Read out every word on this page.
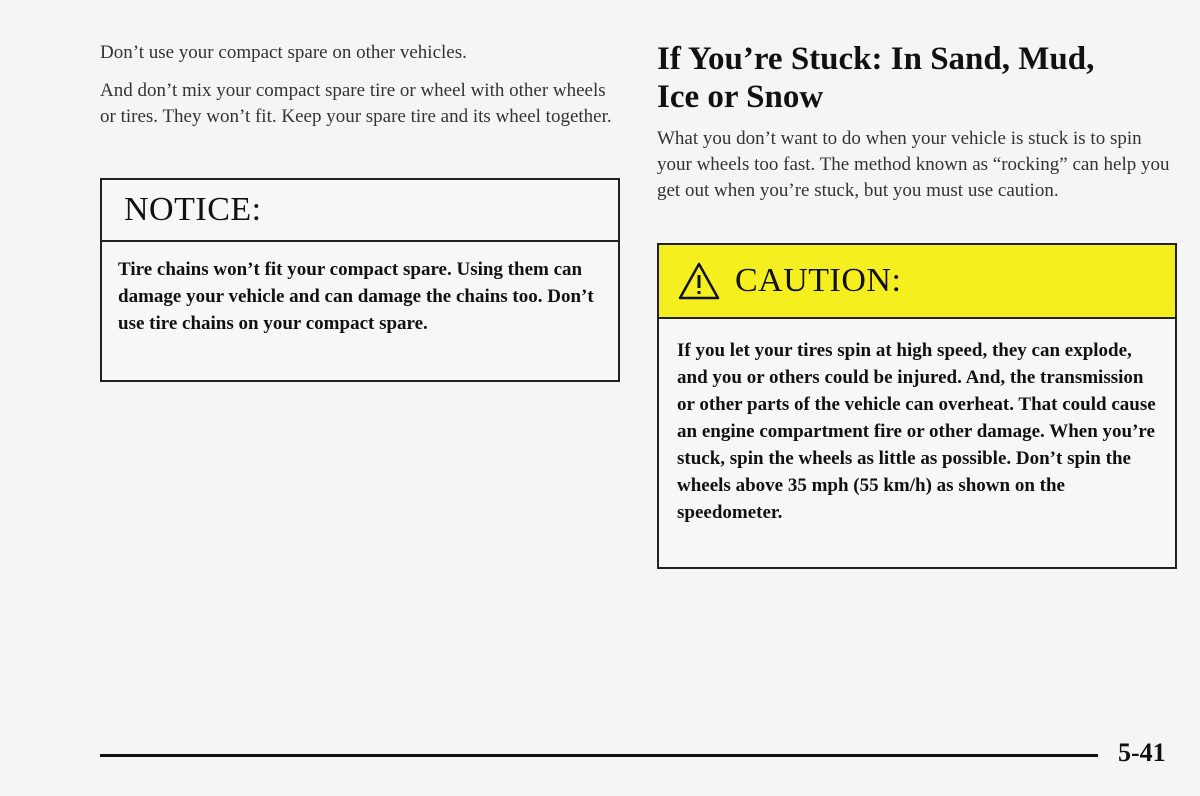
Don’t use your compact spare on other vehicles.

And don’t mix your compact spare tire or wheel with other wheels or tires. They won’t fit. Keep your spare tire and its wheel together.

NOTICE:
Tire chains won’t fit your compact spare. Using them can damage your vehicle and can damage the chains too. Don’t use tire chains on your compact spare.
If You’re Stuck: In Sand, Mud,
Ice or Snow

What you don’t want to do when your vehicle is stuck is to spin your wheels too fast. The method known as “rocking” can help you get out when you’re stuck, but you must use caution.

CAUTION:
If you let your tires spin at high speed, they can explode, and you or others could be injured. And, the transmission or other parts of the vehicle can overheat. That could cause an engine compartment fire or other damage. When you’re stuck, spin the wheels as little as possible. Don’t spin the wheels above 35 mph (55 km/h) as shown on the speedometer.
5-41
